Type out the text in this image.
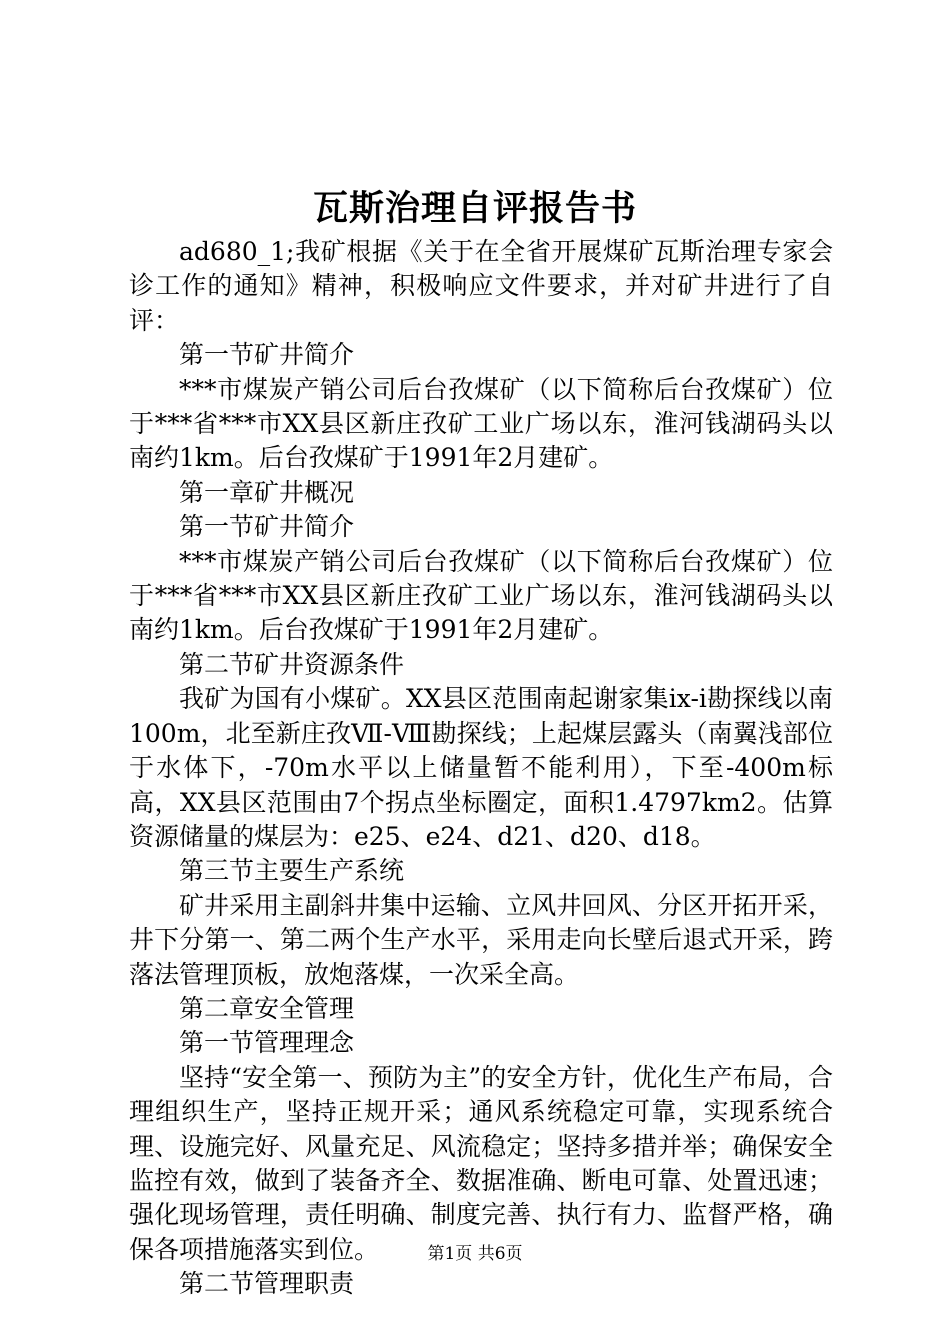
瓦斯治理自评报告书

ad680_1;我矿根据《关于在全省开展煤矿瓦斯治理专家会诊工作的通知》精神，积极响应文件要求，并对矿井进行了自评：

第一节矿井简介

***市煤炭产销公司后台孜煤矿（以下简称后台孜煤矿）位于***省***市XX县区新庄孜矿工业广场以东，淮河钱湖码头以南约1km。后台孜煤矿于1991年2月建矿。

第一章矿井概况

第一节矿井简介

***市煤炭产销公司后台孜煤矿（以下简称后台孜煤矿）位于***省***市XX县区新庄孜矿工业广场以东，淮河钱湖码头以南约1km。后台孜煤矿于1991年2月建矿。

第二节矿井资源条件

我矿为国有小煤矿。XX县区范围南起谢家集ix-i勘探线以南100m，北至新庄孜Ⅶ-Ⅷ勘探线；上起煤层露头（南翼浅部位于水体下，-70m水平以上储量暂不能利用），下至-400m标高，XX县区范围由7个拐点坐标圈定，面积1.4797km2。估算资源储量的煤层为：e25、e24、d21、d20、d18。

第三节主要生产系统

矿井采用主副斜井集中运输、立风井回风、分区开拓开采，井下分第一、第二两个生产水平，采用走向长壁后退式开采，跨落法管理顶板，放炮落煤，一次采全高。

第二章安全管理

第一节管理理念

坚持“安全第一、预防为主”的安全方针，优化生产布局，合理组织生产，坚持正规开采；通风系统稳定可靠，实现系统合理、设施完好、风量充足、风流稳定；坚持多措并举；确保安全监控有效，做到了装备齐全、数据准确、断电可靠、处置迅速；强化现场管理，责任明确、制度完善、执行有力、监督严格，确保各项措施落实到位。

第二节管理职责

第1页 共6页
